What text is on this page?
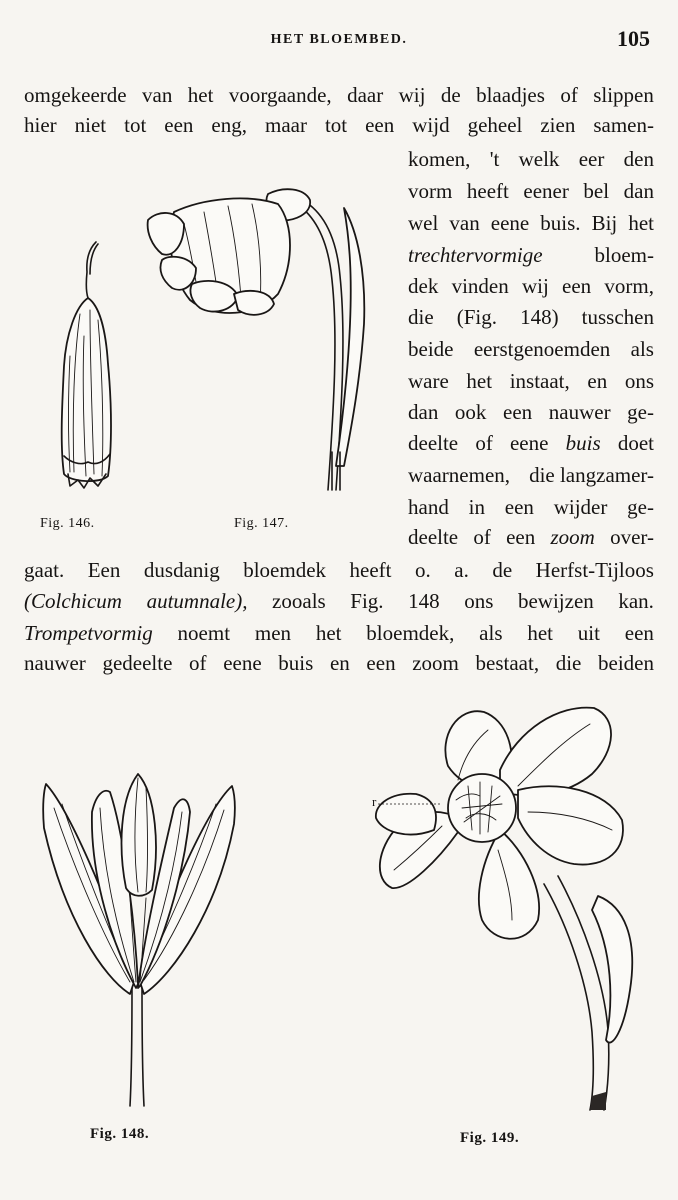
HET BLOEMBED.	105
omgekeerde van het voorgaande, daar wij de blaadjes of slippen
hier niet tot een eng, maar tot een wijd geheel zien samen-
komen, 't welk eer den
vorm heeft eener bel dan
wel van eene buis. Bij het
trechtervormige bloem-
dek vinden wij een vorm,
die (Fig. 148) tusschen
beide eerstgenoemden als
ware het instaat, en ons
dan ook een nauwer ge-
deelte of eene buis doet
waarnemen, die langzamer-
hand in een wijder ge-
deelte of een zoom over-
gaat. Een dusdanig bloemdek heeft o. a. de Herfst-Tijloos
(Colchicum autumnale), zooals Fig. 148 ons bewijzen kan.
Trompetvormig noemt men het bloemdek, als het uit een
nauwer gedeelte of eene buis en een zoom bestaat, die beiden
Fig. 146.	Fig. 147.
Fig. 148.
r
Fig. 149.
